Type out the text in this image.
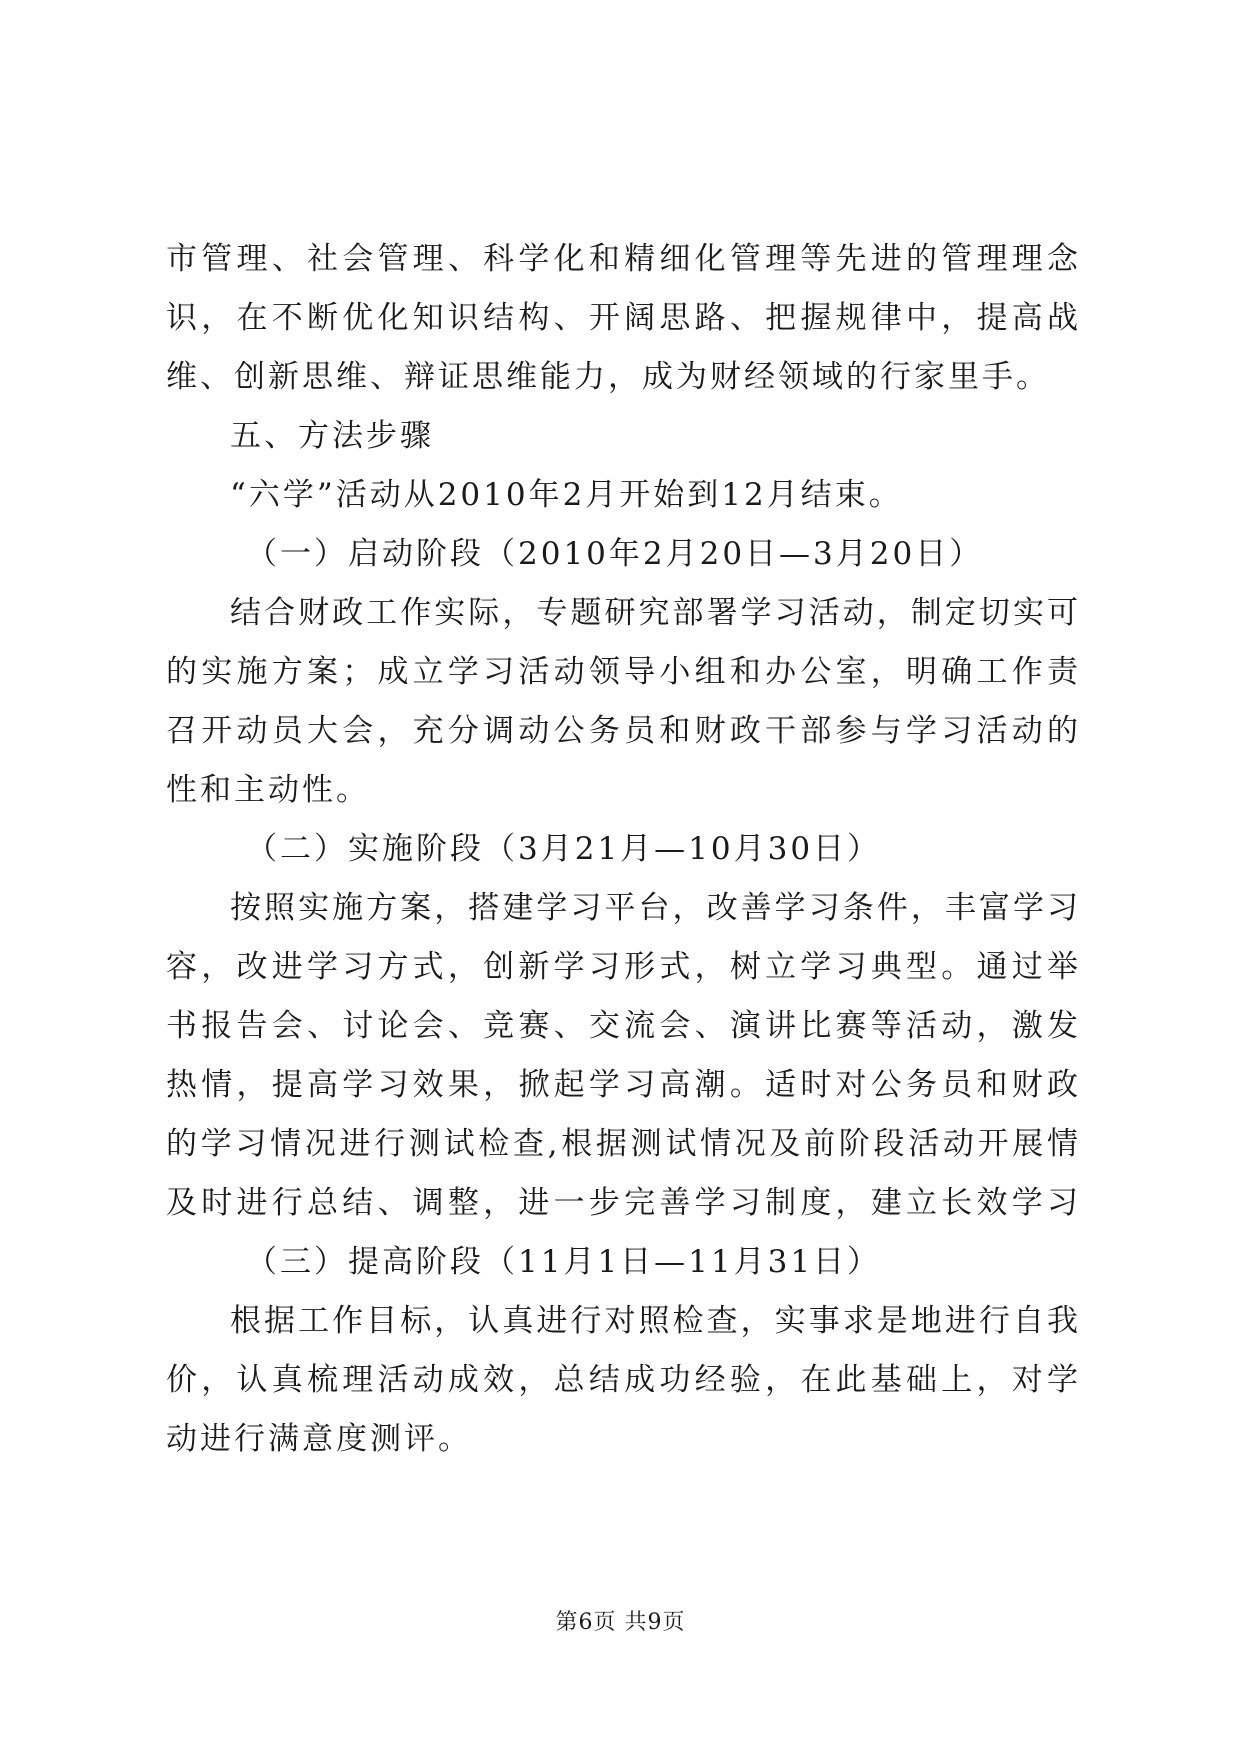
市管理、社会管理、科学化和精细化管理等先进的管理理念
识，在不断优化知识结构、开阔思路、把握规律中，提高战
维、创新思维、辩证思维能力，成为财经领域的行家里手。
五、方法步骤
“六学”活动从2010年2月开始到12月结束。
（一）启动阶段（2010年2月20日—3月20日）
结合财政工作实际，专题研究部署学习活动，制定切实可
的实施方案；成立学习活动领导小组和办公室，明确工作责
召开动员大会，充分调动公务员和财政干部参与学习活动的
性和主动性。
（二）实施阶段（3月21月—10月30日）
按照实施方案，搭建学习平台，改善学习条件，丰富学习
容，改进学习方式，创新学习形式，树立学习典型。通过举
书报告会、讨论会、竞赛、交流会、演讲比赛等活动，激发
热情，提高学习效果，掀起学习高潮。适时对公务员和财政
的学习情况进行测试检查,根据测试情况及前阶段活动开展情
及时进行总结、调整，进一步完善学习制度，建立长效学习
（三）提高阶段（11月1日—11月31日）
根据工作目标，认真进行对照检查，实事求是地进行自我
价，认真梳理活动成效，总结成功经验，在此基础上，对学
动进行满意度测评。
第6页 共9页
